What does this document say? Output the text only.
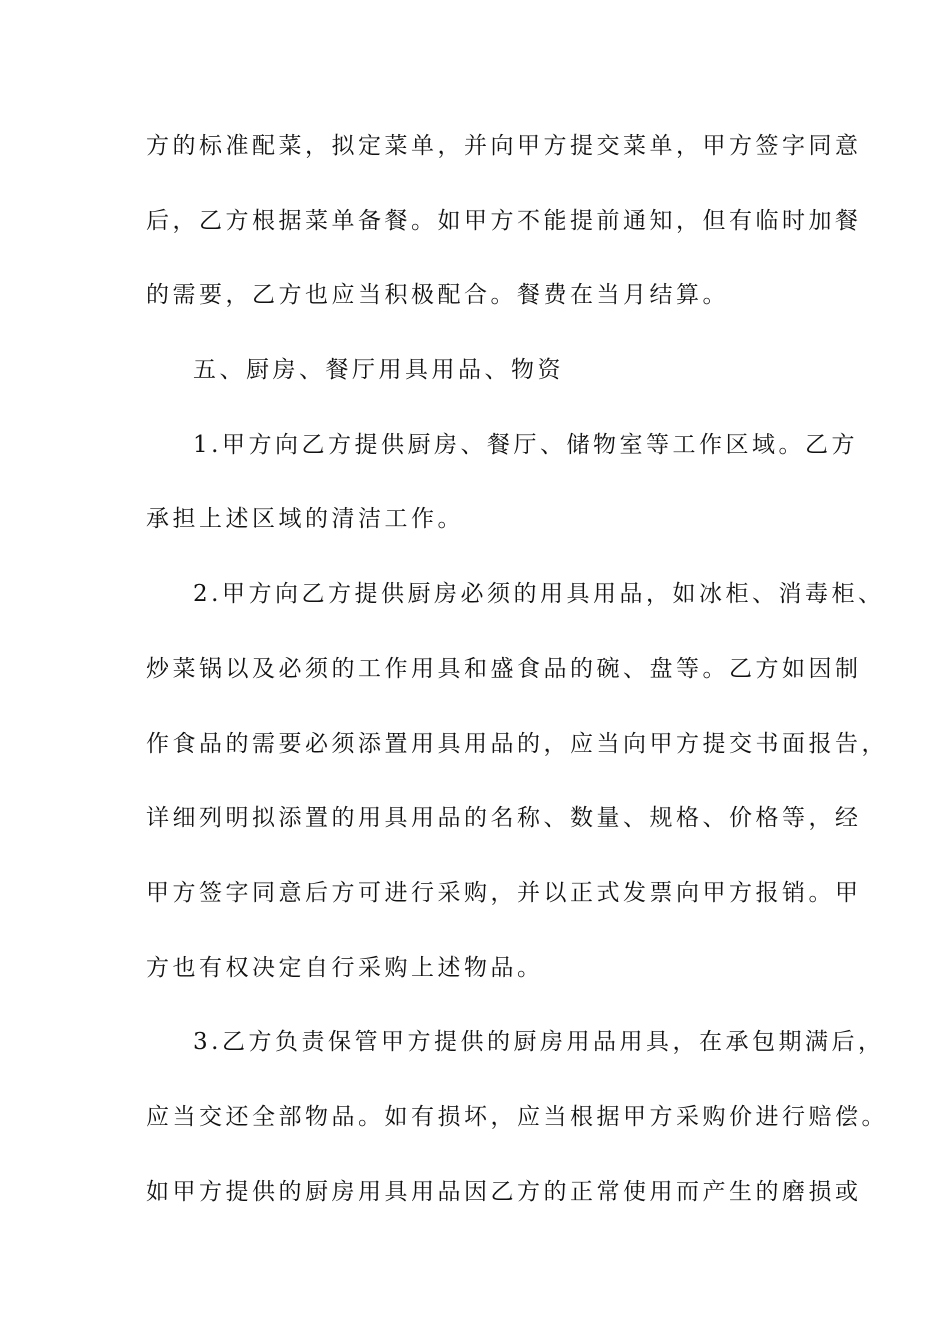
方的标准配菜，拟定菜单，并向甲方提交菜单，甲方签字同意
后，乙方根据菜单备餐。如甲方不能提前通知，但有临时加餐
的需要，乙方也应当积极配合。餐费在当月结算。
五、厨房、餐厅用具用品、物资
1.甲方向乙方提供厨房、餐厅、储物室等工作区域。乙方
承担上述区域的清洁工作。
2.甲方向乙方提供厨房必须的用具用品，如冰柜、消毒柜、
炒菜锅以及必须的工作用具和盛食品的碗、盘等。乙方如因制
作食品的需要必须添置用具用品的，应当向甲方提交书面报告，
详细列明拟添置的用具用品的名称、数量、规格、价格等，经
甲方签字同意后方可进行采购，并以正式发票向甲方报销。甲
方也有权决定自行采购上述物品。
3.乙方负责保管甲方提供的厨房用品用具，在承包期满后，
应当交还全部物品。如有损坏，应当根据甲方采购价进行赔偿。
如甲方提供的厨房用具用品因乙方的正常使用而产生的磨损或
